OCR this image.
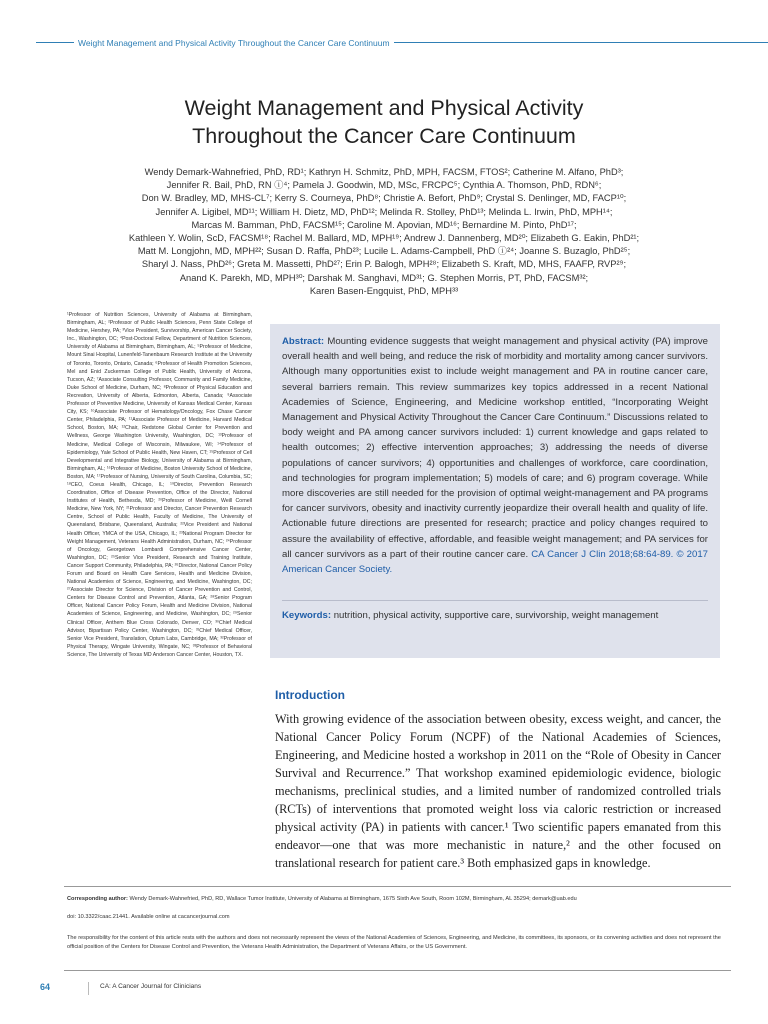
Weight Management and Physical Activity Throughout the Cancer Care Continuum
Weight Management and Physical Activity
Throughout the Cancer Care Continuum
Wendy Demark-Wahnefried, PhD, RD¹; Kathryn H. Schmitz, PhD, MPH, FACSM, FTOS²; Catherine M. Alfano, PhD³;
Jennifer R. Bail, PhD, RN ⓘ⁴; Pamela J. Goodwin, MD, MSc, FRCPC⁵; Cynthia A. Thomson, PhD, RDN⁶;
Don W. Bradley, MD, MHS-CL⁷; Kerry S. Courneya, PhD⁸; Christie A. Befort, PhD⁹; Crystal S. Denlinger, MD, FACP¹⁰;
Jennifer A. Ligibel, MD¹¹; William H. Dietz, MD, PhD¹²; Melinda R. Stolley, PhD¹³; Melinda L. Irwin, PhD, MPH¹⁴;
Marcas M. Bamman, PhD, FACSM¹⁵; Caroline M. Apovian, MD¹⁶; Bernardine M. Pinto, PhD¹⁷;
Kathleen Y. Wolin, ScD, FACSM¹⁸; Rachel M. Ballard, MD, MPH¹⁹; Andrew J. Dannenberg, MD²⁰; Elizabeth G. Eakin, PhD²¹;
Matt M. Longjohn, MD, MPH²²; Susan D. Raffa, PhD²³; Lucile L. Adams-Campbell, PhD ⓘ²⁴; Joanne S. Buzaglo, PhD²⁵;
Sharyl J. Nass, PhD²⁶; Greta M. Massetti, PhD²⁷; Erin P. Balogh, MPH²⁸; Elizabeth S. Kraft, MD, MHS, FAAFP, RVP²⁹;
Anand K. Parekh, MD, MPH³⁰; Darshak M. Sanghavi, MD³¹; G. Stephen Morris, PT, PhD, FACSM³²;
Karen Basen-Engquist, PhD, MPH³³
¹Professor of Nutrition Sciences, University of Alabama at Birmingham, Birmingham, AL; ²Professor of Public Health Sciences, Penn State College of Medicine, Hershey, PA; ³Vice President, Survivorship, American Cancer Society, Inc., Washington, DC; ⁴Post-Doctoral Fellow, Department of Nutrition Sciences, University of Alabama at Birmingham, Birmingham, AL; ⁵Professor of Medicine, Mount Sinai Hospital, Lunenfeld-Tanenbaum Research Institute at the University of Toronto, Toronto, Ontario, Canada; ⁶Professor of Health Promotion Sciences, Mel and Enid Zuckerman College of Public Health, University of Arizona, Tucson, AZ; ⁷Associate Consulting Professor, Community and Family Medicine, Duke School of Medicine, Durham, NC; ⁸Professor of Physical Education and Recreation, University of Alberta, Edmonton, Alberta, Canada; ⁹Associate Professor of Preventive Medicine, University of Kansas Medical Center, Kansas City, KS; ¹⁰Associate Professor of Hematology/Oncology, Fox Chase Cancer Center, Philadelphia, PA; ¹¹Associate Professor of Medicine, Harvard Medical School, Boston, MA; ¹²Chair, Redstone Global Center for Prevention and Wellness, George Washington University, Washington, DC; ¹³Professor of Medicine, Medical College of Wisconsin, Milwaukee, WI; ¹⁴Professor of Epidemiology, Yale School of Public Health, New Haven, CT; ¹⁵Professor of Cell Developmental and Integrative Biology, University of Alabama at Birmingham, Birmingham, AL; ¹⁶Professor of Medicine, Boston University School of Medicine, Boston, MA; ¹⁷Professor of Nursing, University of South Carolina, Columbia, SC; ¹⁸CEO, Coeus Health, Chicago, IL; ¹⁹Director, Prevention Research Coordination, Office of Disease Prevention, Office of the Director, National Institutes of Health, Bethesda, MD; ²⁰Professor of Medicine, Weill Cornell Medicine, New York, NY; ²¹Professor and Director, Cancer Prevention Research Centre, School of Public Health, Faculty of Medicine, The University of Queensland, Brisbane, Queensland, Australia; ²²Vice President and National Health Officer, YMCA of the USA, Chicago, IL; ²³National Program Director for Weight Management, Veterans Health Administration, Durham, NC; ²⁴Professor of Oncology, Georgetown Lombardi Comprehensive Cancer Center, Washington, DC; ²⁵Senior Vice President, Research and Training Institute, Cancer Support Community, Philadelphia, PA; ²⁶Director, National Cancer Policy Forum and Board on Health Care Services, Health and Medicine Division, National Academies of Science, Engineering, and Medicine, Washington, DC; ²⁷Associate Director for Science, Division of Cancer Prevention and Control, Centers for Disease Control and Prevention, Atlanta, GA; ²⁸Senior Program Officer, National Cancer Policy Forum, Health and Medicine Division, National Academies of Science, Engineering, and Medicine, Washington, DC; ²⁹Senior Clinical Officer, Anthem Blue Cross Colorado, Denver, CO; ³⁰Chief Medical Advisor, Bipartisan Policy Center, Washington, DC; ³¹Chief Medical Officer, Senior Vice President, Translation, Optum Labs, Cambridge, MA; ³²Professor of Physical Therapy, Wingate University, Wingate, NC; ³³Professor of Behavioral Science, The University of Texas MD Anderson Cancer Center, Houston, TX.
Abstract: Mounting evidence suggests that weight management and physical activity (PA) improve overall health and well being, and reduce the risk of morbidity and mortality among cancer survivors. Although many opportunities exist to include weight management and PA in routine cancer care, several barriers remain. This review summarizes key topics addressed in a recent National Academies of Science, Engineering, and Medicine workshop entitled, “Incorporating Weight Management and Physical Activity Throughout the Cancer Care Continuum.” Discussions related to body weight and PA among cancer survivors included: 1) current knowledge and gaps related to health outcomes; 2) effective intervention approaches; 3) addressing the needs of diverse populations of cancer survivors; 4) opportunities and challenges of workforce, care coordination, and technologies for program implementation; 5) models of care; and 6) program coverage. While more discoveries are still needed for the provision of optimal weight-management and PA programs for cancer survivors, obesity and inactivity currently jeopardize their overall health and quality of life. Actionable future directions are presented for research; practice and policy changes required to assure the availability of effective, affordable, and feasible weight management; and PA services for all cancer survivors as a part of their routine cancer care. CA Cancer J Clin 2018;68:64-89. © 2017 American Cancer Society.
Keywords: nutrition, physical activity, supportive care, survivorship, weight management
Introduction
With growing evidence of the association between obesity, excess weight, and cancer, the National Cancer Policy Forum (NCPF) of the National Academies of Sciences, Engineering, and Medicine hosted a workshop in 2011 on the “Role of Obesity in Cancer Survival and Recurrence.” That workshop examined epidemiologic evidence, biologic mechanisms, preclinical studies, and a limited number of randomized controlled trials (RCTs) of interventions that promoted weight loss via caloric restriction or increased physical activity (PA) in patients with cancer.¹ Two scientific papers emanated from this endeavor—one that was more mechanistic in nature,² and the other focused on translational research for patient care.³ Both emphasized gaps in knowledge.
Corresponding author: Wendy Demark-Wahnefried, PhD, RD, Wallace Tumor Institute, University of Alabama at Birmingham, 1675 Sixth Ave South, Room 102M, Birmingham, AL 35294; demark@uab.edu
doi: 10.3322/caac.21441. Available online at cacancerjournal.com
The responsibility for the content of this article rests with the authors and does not necessarily represent the views of the National Academies of Sciences, Engineering, and Medicine, its committees, its sponsors, or its convening activities and does not represent the official position of the Centers for Disease Control and Prevention, the Veterans Health Administration, the Department of Veterans Affairs, or the US Government.
64	CA: A Cancer Journal for Clinicians
